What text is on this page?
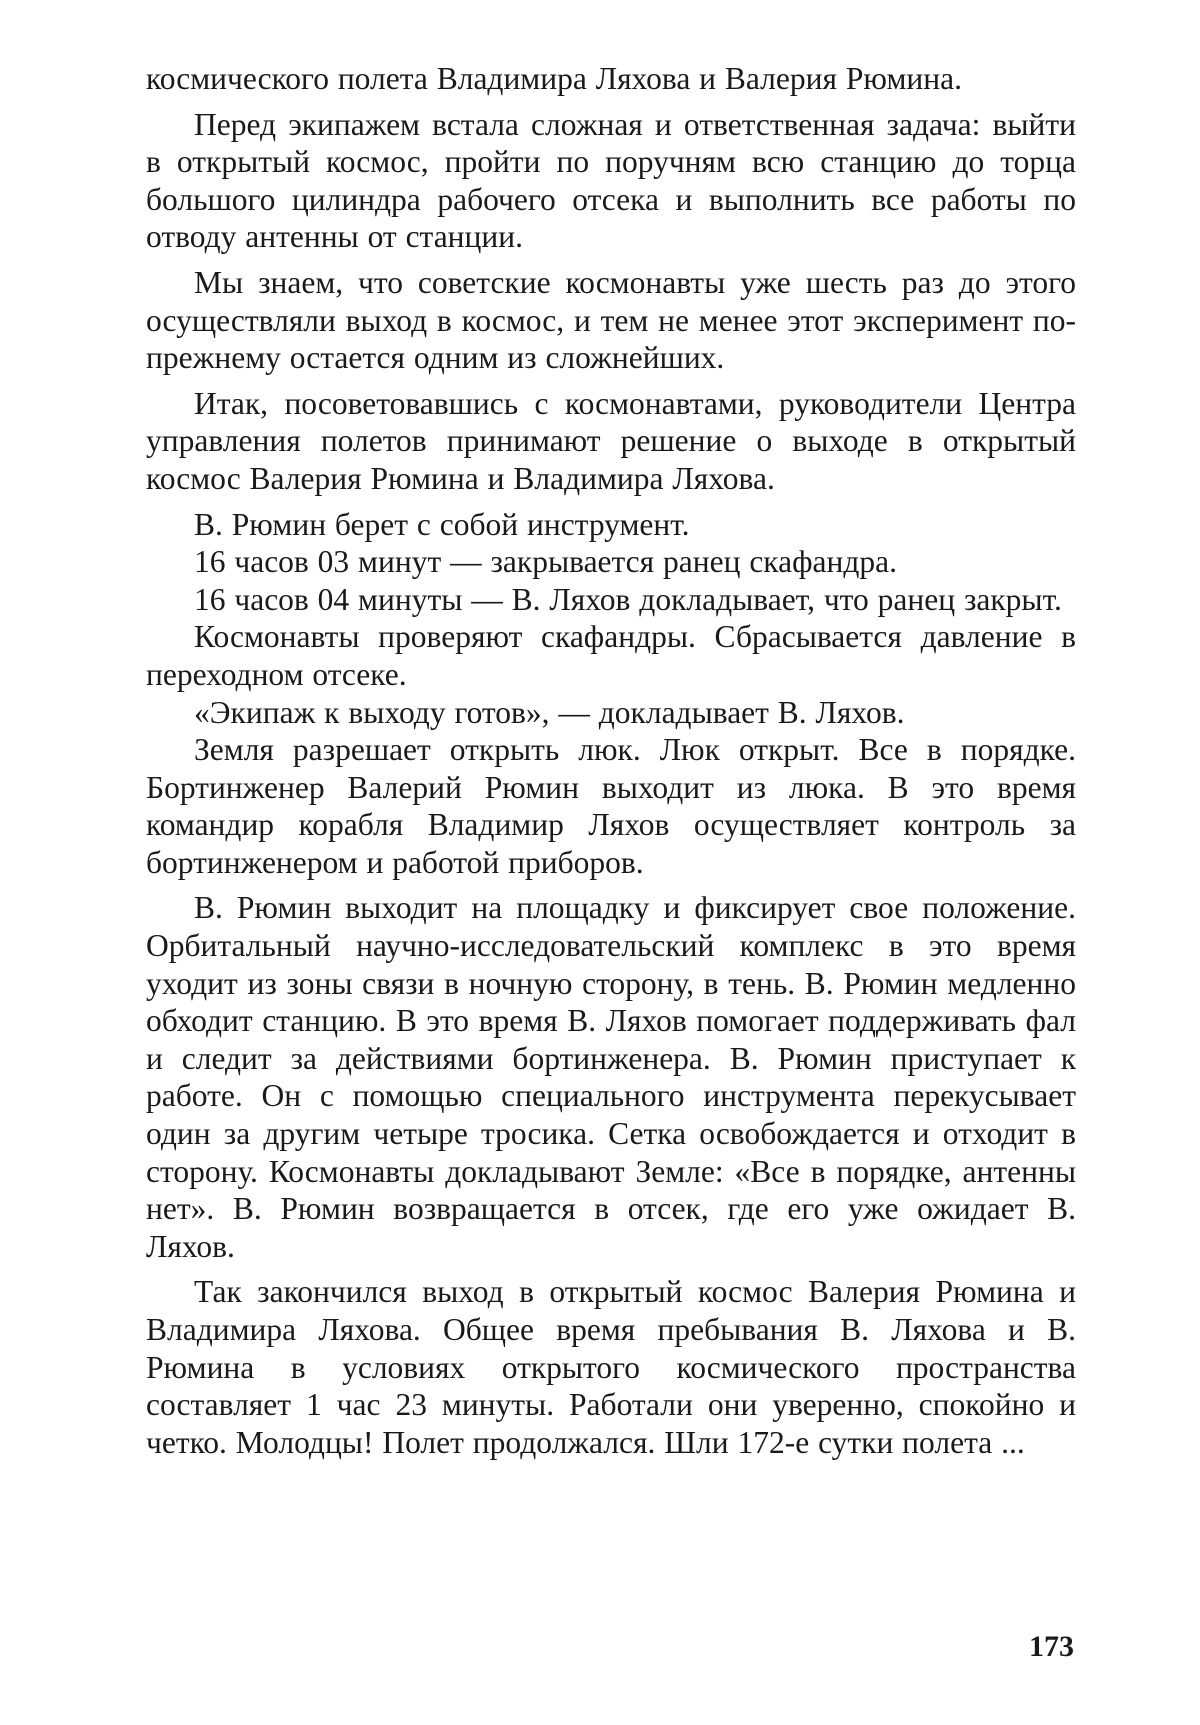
космического полета Владимира Ляхова и Валерия Рюмина.

Перед экипажем встала сложная и ответственная задача: выйти в открытый космос, пройти по поручням всю станцию до торца большого цилиндра рабочего отсека и выполнить все работы по отводу антенны от станции.

Мы знаем, что советские космонавты уже шесть раз до этого осуществляли выход в космос, и тем не менее этот эксперимент по-прежнему остается одним из сложнейших.

Итак, посоветовавшись с космонавтами, руководители Центра управления полетов принимают решение о выходе в открытый космос Валерия Рюмина и Владимира Ляхова.

В. Рюмин берет с собой инструмент.

16 часов 03 минут — закрывается ранец скафандра.

16 часов 04 минуты — В. Ляхов докладывает, что ранец закрыт.

Космонавты проверяют скафандры. Сбрасывается давление в переходном отсеке.

«Экипаж к выходу готов», — докладывает В. Ляхов.

Земля разрешает открыть люк. Люк открыт. Все в порядке. Бортинженер Валерий Рюмин выходит из люка. В это время командир корабля Владимир Ляхов осуществляет контроль за бортинженером и работой приборов.

В. Рюмин выходит на площадку и фиксирует свое положение. Орбитальный научно-исследовательский комплекс в это время уходит из зоны связи в ночную сторону, в тень. В. Рюмин медленно обходит станцию. В это время В. Ляхов помогает поддерживать фал и следит за действиями бортинженера. В. Рюмин приступает к работе. Он с помощью специального инструмента перекусывает один за другим четыре тросика. Сетка освобождается и отходит в сторону. Космонавты докладывают Земле: «Все в порядке, антенны нет». В. Рюмин возвращается в отсек, где его уже ожидает В. Ляхов.

Так закончился выход в открытый космос Валерия Рюмина и Владимира Ляхова. Общее время пребывания В. Ляхова и В. Рюмина в условиях открытого космического пространства составляет 1 час 23 минуты. Работали они уверенно, спокойно и четко. Молодцы! Полет продолжался. Шли 172-е сутки полета ...

173
